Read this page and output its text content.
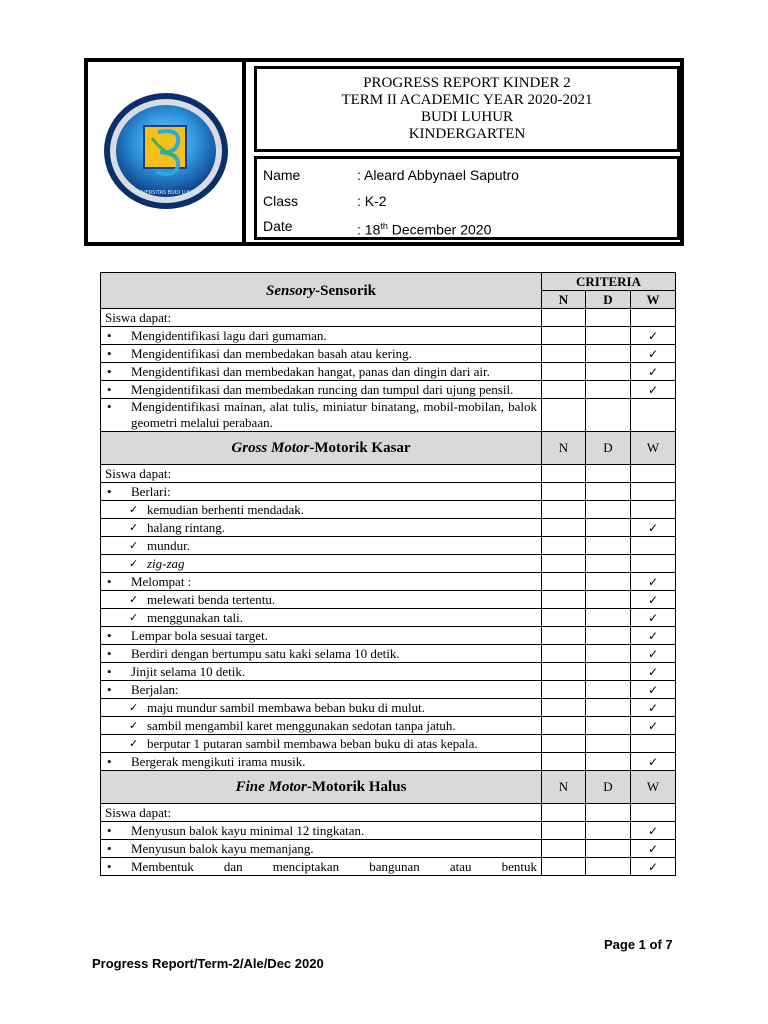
UNIVERSITAS BUDI LUHUR
PROGRESS REPORT KINDER 2
TERM II ACADEMIC YEAR 2020-2021
BUDI LUHUR
KINDERGARTEN
Name	: Aleard Abbynael Saputro
Class	: K-2
Date	: 18th December 2020
Sensory-Sensorik	CRITERIA		
	N	D	W
Siswa dapat:			

• Mengidentifikasi lagu dari gumaman.			✓

• Mengidentifikasi dan membedakan basah atau kering.			✓

• Mengidentifikasi dan membedakan hangat, panas dan dingin dari air.			✓

• Mengidentifikasi dan membedakan runcing dan tumpul dari ujung pensil.			✓

• Mengidentifikasi mainan, alat tulis, miniatur binatang, mobil-mobilan, balok geometri melalui perabaan.			

Gross Motor-Motorik Kasar	N	D	W
Siswa dapat:			

• Berlari:			

✓ kemudian berhenti mendadak.			

✓ halang rintang.			✓

✓ mundur.			

✓ zig-zag			

• Melompat :			✓

✓ melewati benda tertentu.			✓

✓ menggunakan tali.			✓

• Lempar bola sesuai target.			✓

• Berdiri dengan bertumpu satu kaki selama 10 detik.			✓

• Jinjit selama 10 detik.			✓

• Berjalan:			✓

✓ maju mundur sambil membawa beban buku di mulut.			✓

✓ sambil mengambil karet menggunakan sedotan tanpa jatuh.			✓

✓ berputar 1 putaran sambil membawa beban buku di atas kepala.			

• Bergerak mengikuti irama musik.			✓
Fine Motor-Motorik Halus	N	D	W
Siswa dapat:			

• Menyusun balok kayu minimal 12 tingkatan.			✓

• Menyusun balok kayu memanjang.			✓

• Membentuk dan menciptakan bangunan atau bentuk			✓
Page 1 of 7
Progress Report/Term-2/Ale/Dec 2020
